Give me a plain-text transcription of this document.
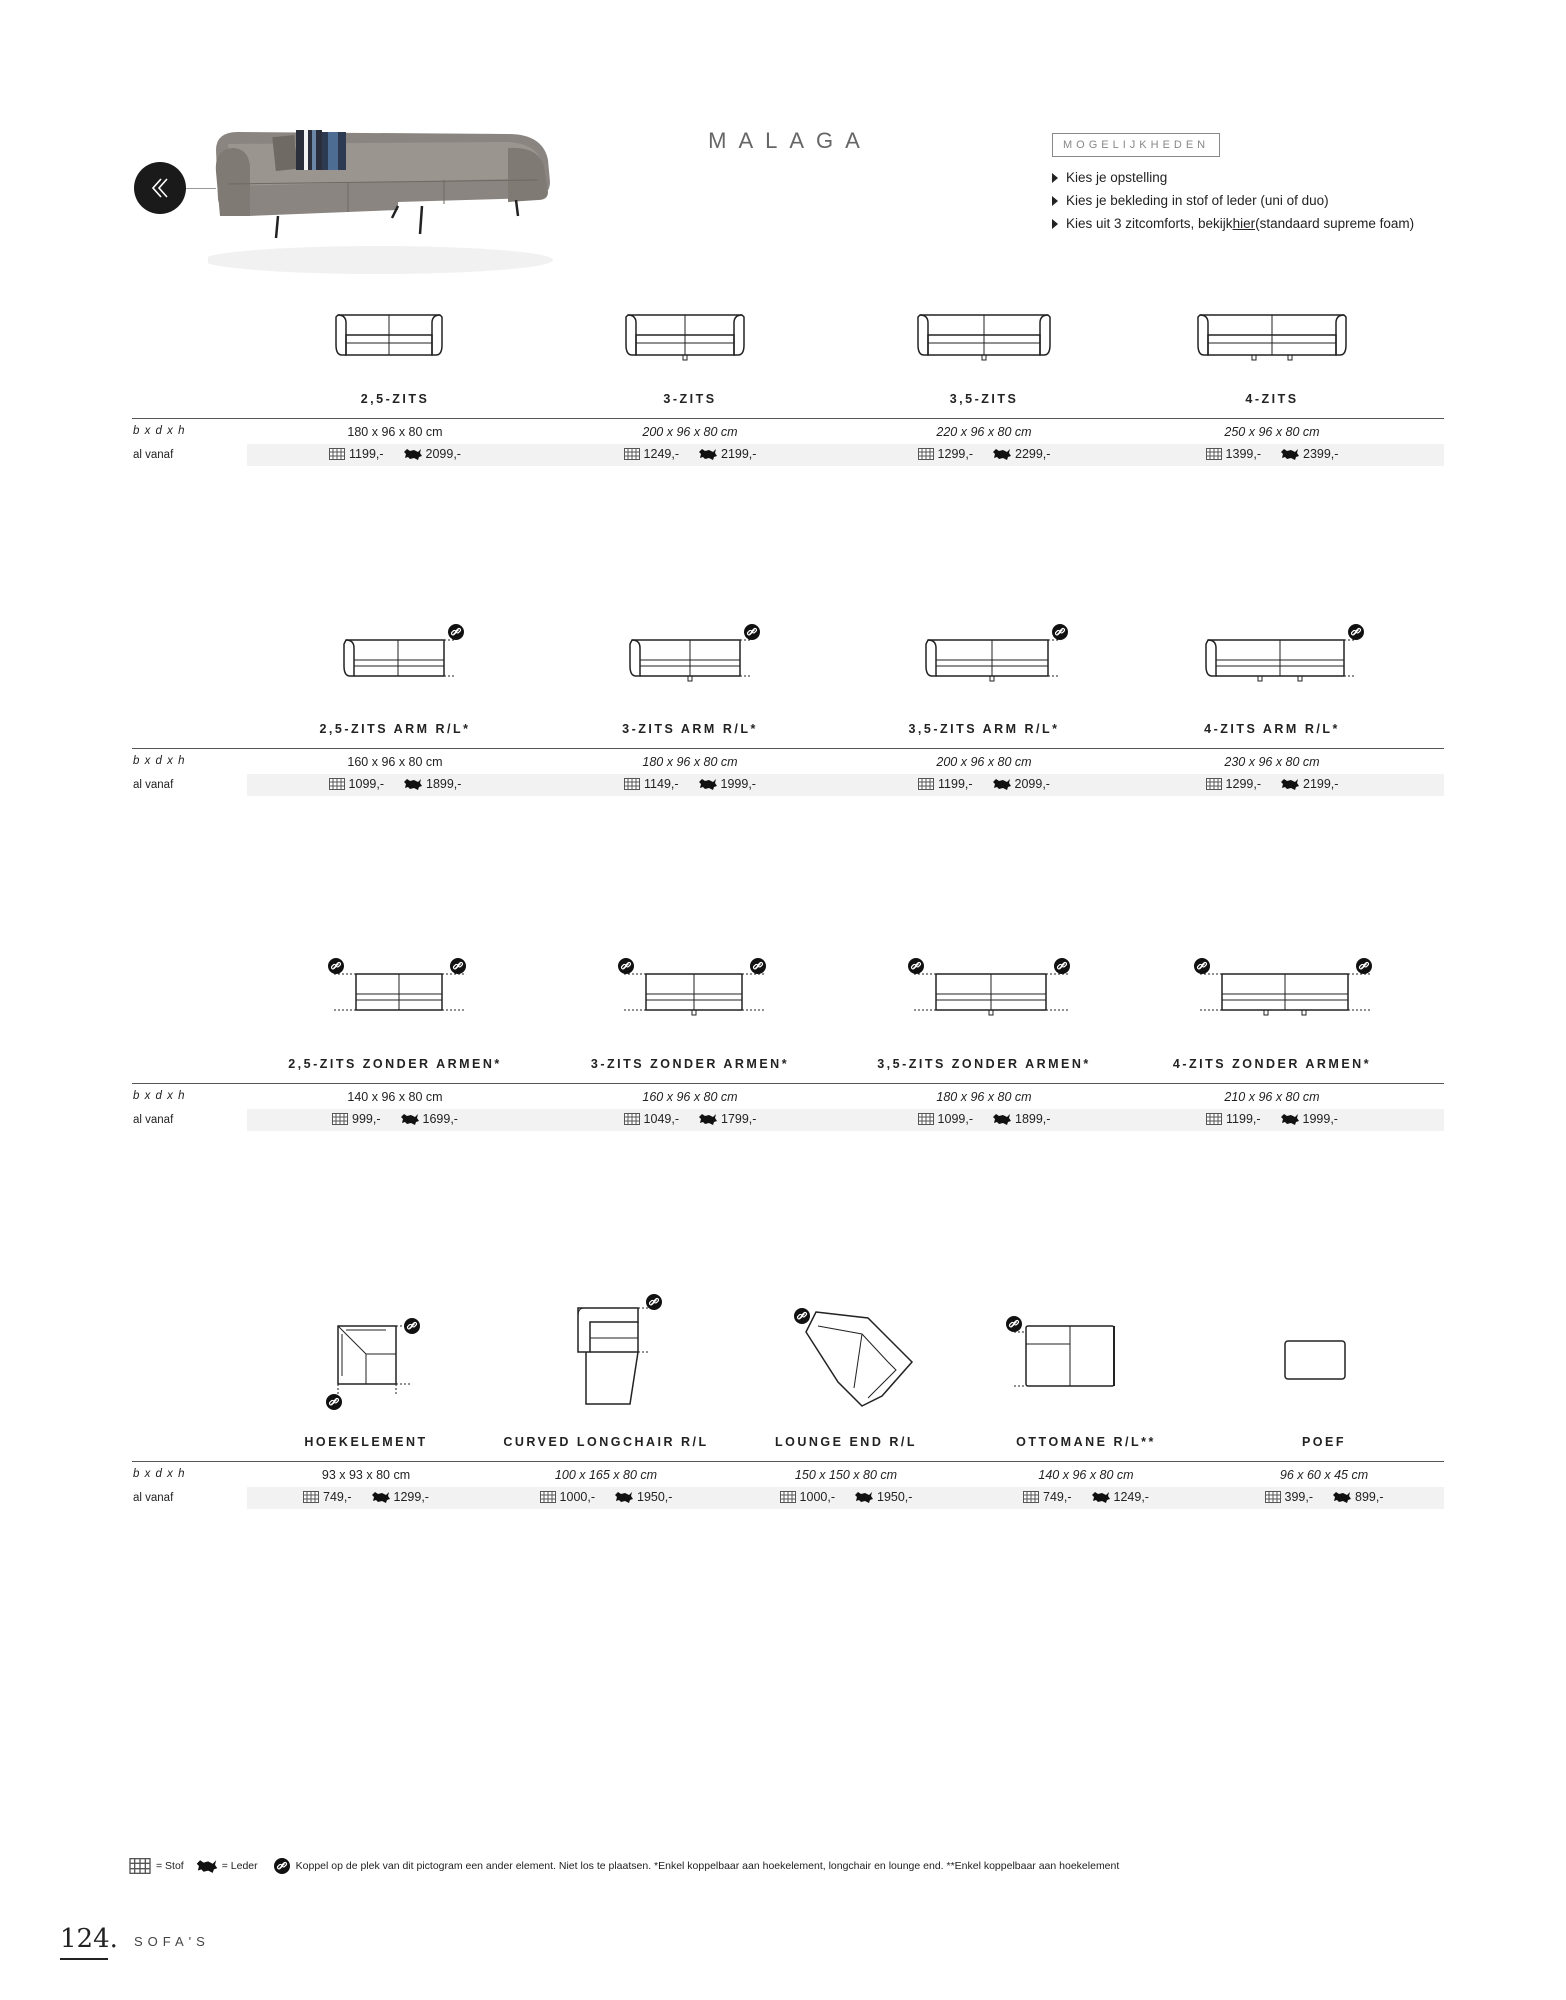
MALAGA	MOGELIJKHEDEN
Kies je opstelling
Kies je bekleding in stof of leder (uni of duo)
Kies uit 3 zitcomforts, bekijk hier (standaard supreme foam)
2,5-ZITS	3-ZITS	3,5-ZITS	4-ZITS
b x d x h
al vanaf
180 x 96 x 80 cm	200 x 96 x 80 cm	220 x 96 x 80 cm	250 x 96 x 80 cm
1199,-	2099,-	1249,-	2199,-	1299,-	2299,-	1399,-	2399,-
2,5-ZITS ARM R/L*	3-ZITS ARM R/L*	3,5-ZITS ARM R/L*	4-ZITS ARM R/L*
b x d x h
al vanaf
160 x 96 x 80 cm	180 x 96 x 80 cm	200 x 96 x 80 cm	230 x 96 x 80 cm
1099,-	1899,-	1149,-	1999,-	1199,-	2099,-	1299,-	2199,-
2,5-ZITS ZONDER ARMEN*	3-ZITS ZONDER ARMEN*	3,5-ZITS ZONDER ARMEN*	4-ZITS ZONDER ARMEN*
b x d x h
al vanaf
140 x 96 x 80 cm	160 x 96 x 80 cm	180 x 96 x 80 cm	210 x 96 x 80 cm
999,-	1699,-	1049,-	1799,-	1099,-	1899,-	1199,-	1999,-
HOEKELEMENT	CURVED LONGCHAIR R/L	LOUNGE END R/L	OTTOMANE R/L**	POEF
b x d x h
al vanaf
93 x 93 x 80 cm	100 x 165 x 80 cm	150 x 150 x 80 cm	140 x 96 x 80 cm	96 x 60 x 45 cm
749,-	1299,-	1000,-	1950,-	1000,-	1950,-	749,-	1249,-	399,-	899,-
= Stof	= Leder	Koppel op de plek van dit pictogram een ander element. Niet los te plaatsen. *Enkel koppelbaar aan hoekelement, longchair en lounge end. **Enkel koppelbaar aan hoekelement
124. SOFA'S
